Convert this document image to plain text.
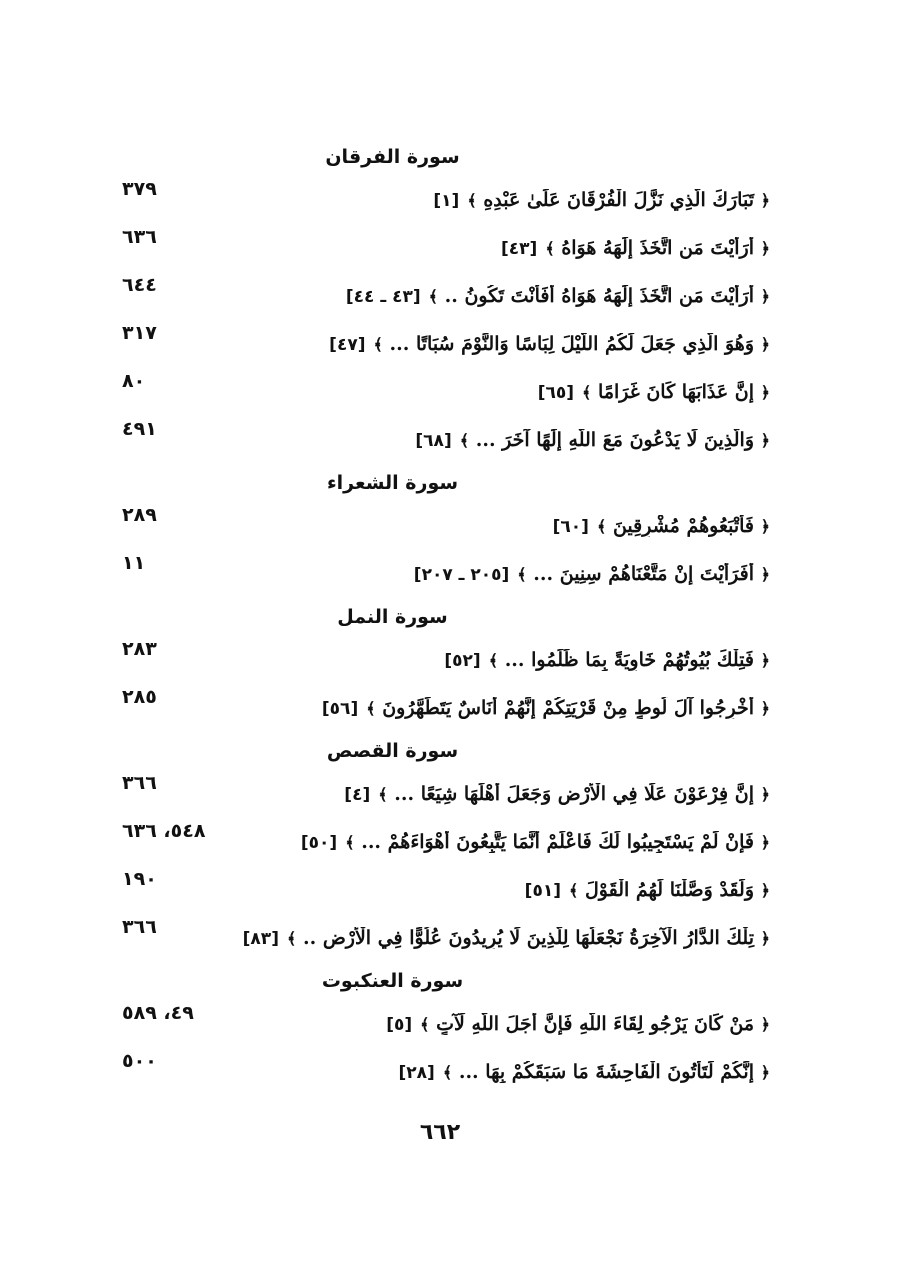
سورة الفرقان
٣٧٩
﴿ تَبَارَكَ الَّذِي نَزَّلَ الْفُرْقَانَ عَلَىٰ عَبْدِهِ ﴾[١]
٦٣٦
﴿ أَرَأَيْتَ مَنِ اتَّخَذَ إِلَٰهَهُ هَوَاهُ ﴾[٤٣]
٦٤٤
﴿ أَرَأَيْتَ مَنِ اتَّخَذَ إِلَٰهَهُ هَوَاهُ أَفَأَنْتَ تَكُونُ .. ﴾[٤٣ ـ ٤٤]
٣١٧
﴿ وَهُوَ الَّذِي جَعَلَ لَكُمُ اللَّيْلَ لِبَاسًا وَالنَّوْمَ سُبَاتًا ... ﴾[٤٧]
٨٠
﴿ إِنَّ عَذَابَهَا كَانَ غَرَامًا ﴾[٦٥]
٤٩١
﴿ وَالَّذِينَ لَا يَدْعُونَ مَعَ اللَّهِ إِلَٰهًا آخَرَ ... ﴾[٦٨]
سورة الشعراء
٢٨٩
﴿ فَأَتْبَعُوهُمْ مُشْرِقِينَ ﴾[٦٠]
١١
﴿ أَفَرَأَيْتَ إِنْ مَتَّعْنَاهُمْ سِنِينَ ... ﴾[٢٠٥ ـ ٢٠٧]
سورة النمل
٢٨٣
﴿ فَتِلْكَ بُيُوتُهُمْ خَاوِيَةً بِمَا ظَلَمُوا ... ﴾[٥٢]
٢٨٥
﴿ أَخْرِجُوا آلَ لُوطٍ مِنْ قَرْيَتِكُمْ إِنَّهُمْ أُنَاسٌ يَتَطَهَّرُونَ ﴾[٥٦]
سورة القصص
٣٦٦
﴿ إِنَّ فِرْعَوْنَ عَلَا فِي الْأَرْضِ وَجَعَلَ أَهْلَهَا شِيَعًا ... ﴾[٤]
٥٤٨، ٦٣٦
﴿ فَإِنْ لَمْ يَسْتَجِيبُوا لَكَ فَاعْلَمْ أَنَّمَا يَتَّبِعُونَ أَهْوَاءَهُمْ ... ﴾[٥٠]
١٩٠
﴿ وَلَقَدْ وَصَّلْنَا لَهُمُ الْقَوْلَ ﴾[٥١]
٣٦٦
﴿ تِلْكَ الدَّارُ الْآخِرَةُ نَجْعَلُهَا لِلَّذِينَ لَا يُرِيدُونَ عُلُوًّا فِي الْأَرْضِ .. ﴾[٨٣]
سورة العنكبوت
٤٩، ٥٨٩
﴿ مَنْ كَانَ يَرْجُو لِقَاءَ اللَّهِ فَإِنَّ أَجَلَ اللَّهِ لَآتٍ ﴾[٥]
٥٠٠
﴿ إِنَّكُمْ لَتَأْتُونَ الْفَاحِشَةَ مَا سَبَقَكُمْ بِهَا ... ﴾[٢٨]
٦٦٢
